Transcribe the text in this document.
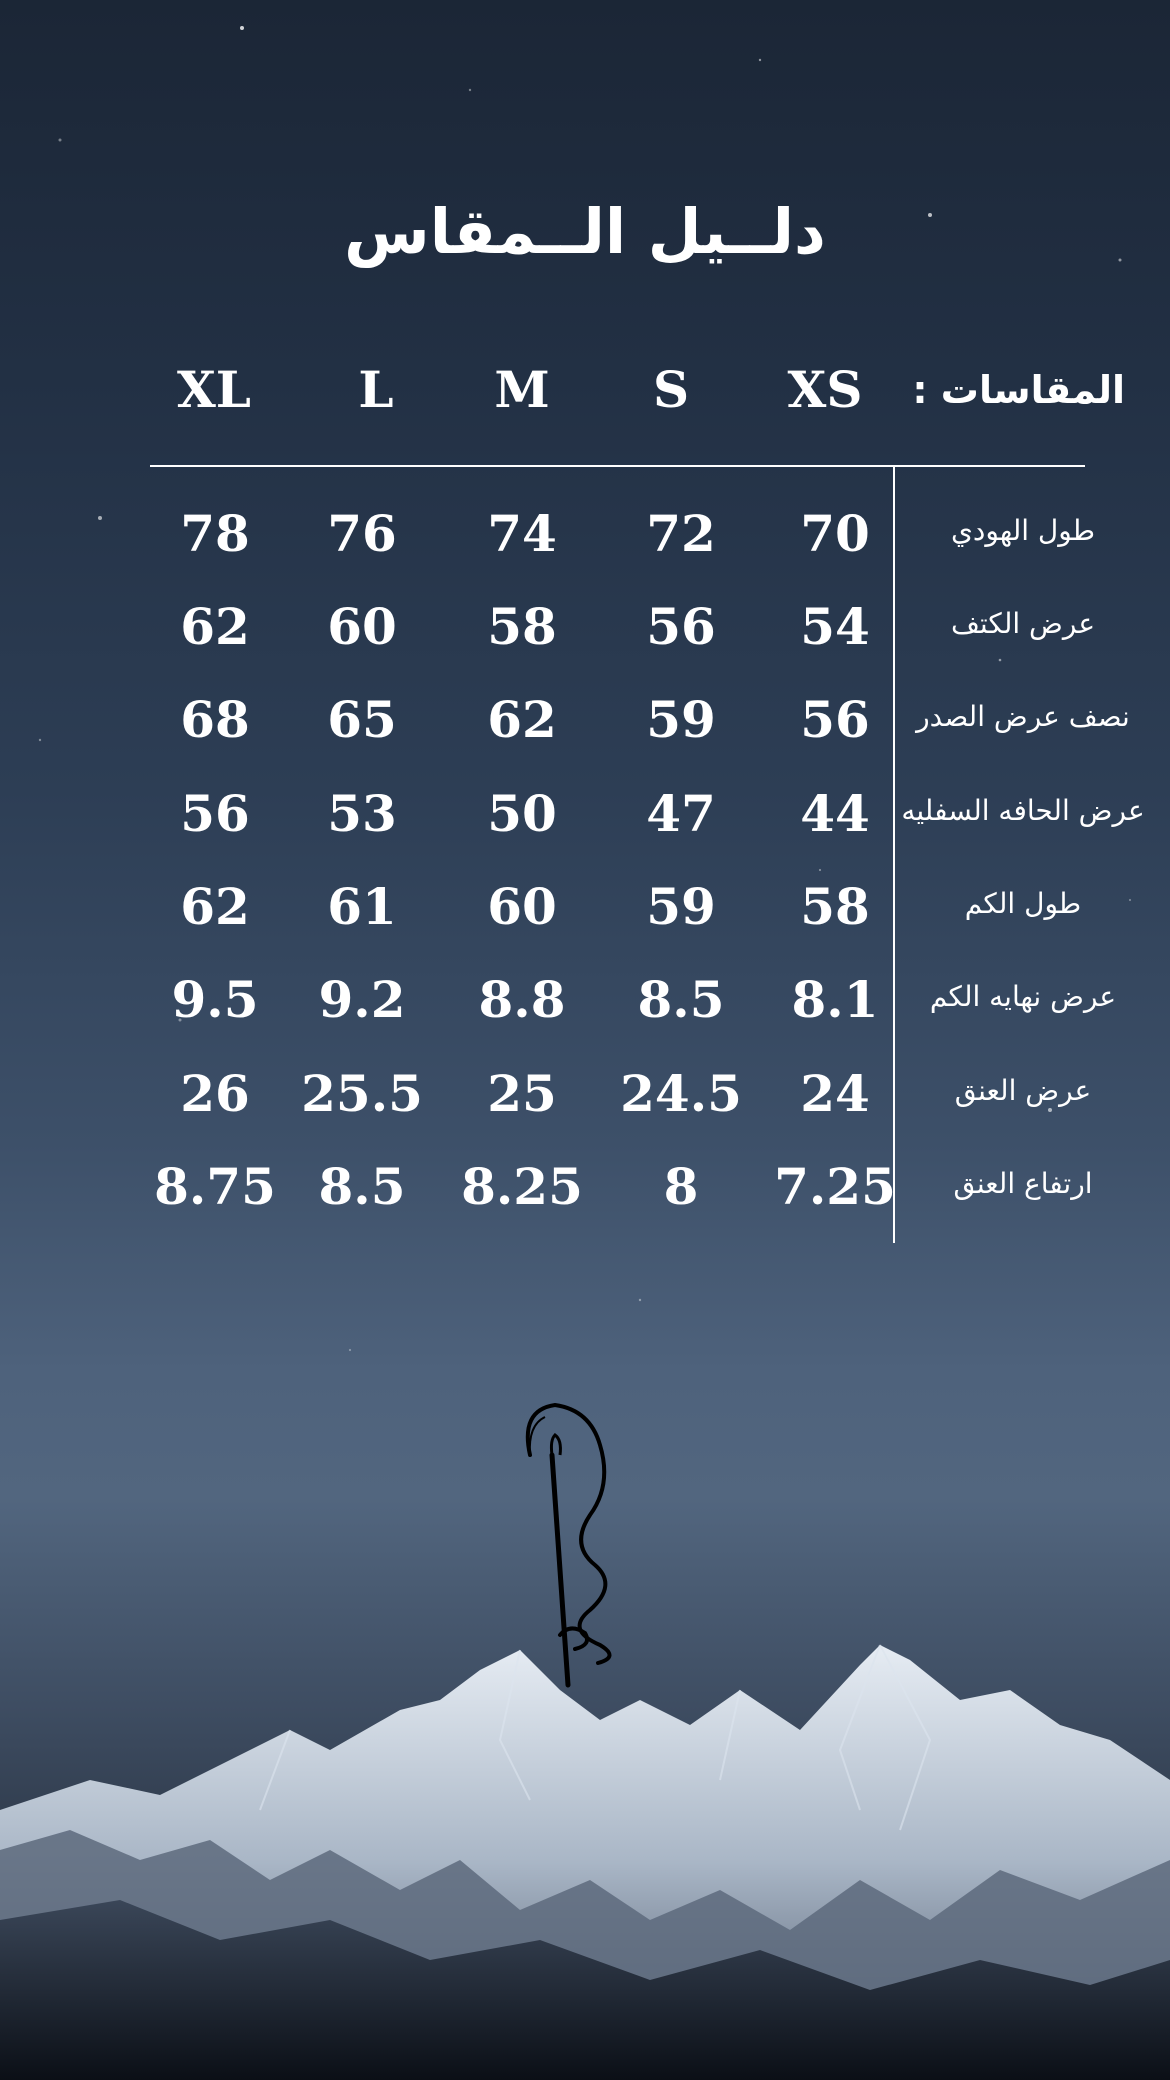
دلــيل الــمقاس
المقاسات :
XS
S
M
L
XL
طول الهودي
70
72
74
76
78
عرض الكتف
54
56
58
60
62
نصف عرض الصدر
56
59
62
65
68
عرض الحافه السفليه
44
47
50
53
56
طول الكم
58
59
60
61
62
عرض نهايه الكم
8.1
8.5
8.8
9.2
9.5
عرض العنق
24
24.5
25
25.5
26
ارتفاع العنق
7.25
8
8.25
8.5
8.75
